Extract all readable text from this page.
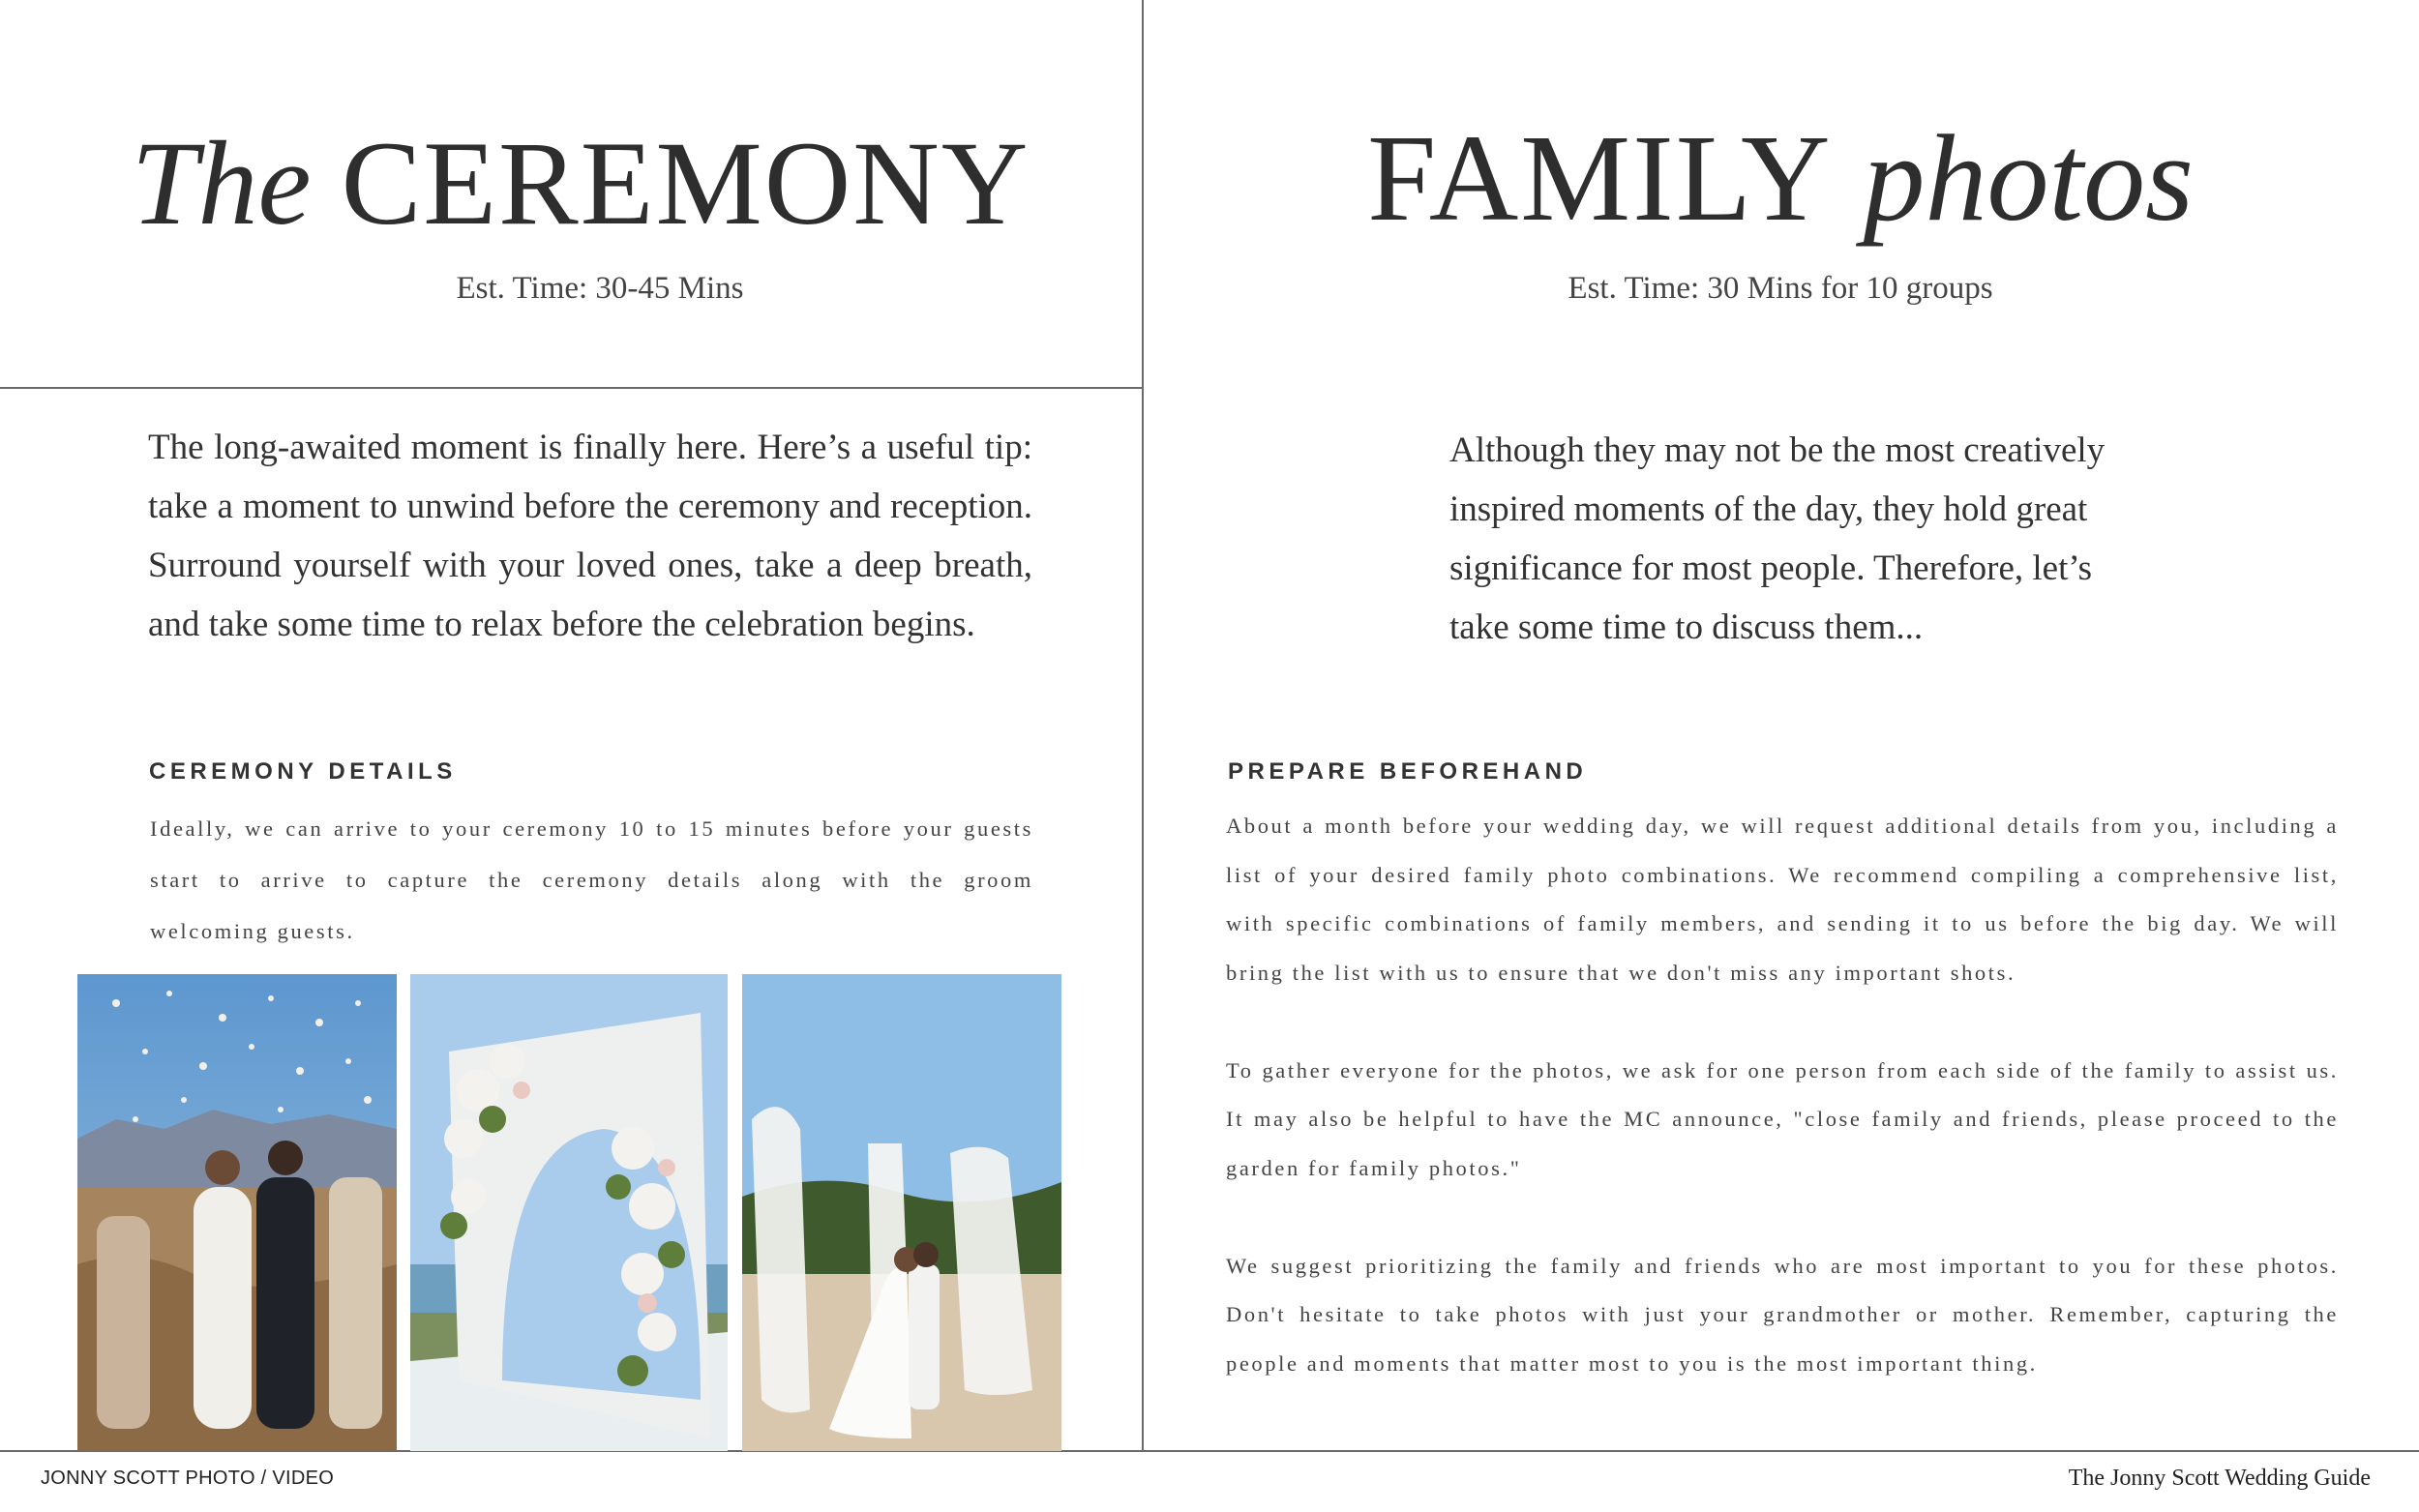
The CEREMONY
Est. Time: 30-45 Mins
The long-awaited moment is finally here. Here’s a useful tip: take a moment to unwind before the ceremony and reception. Surround yourself with your loved ones, take a deep breath, and take some time to relax before the celebration begins.
CEREMONY DETAILS
Ideally, we can arrive to your ceremony 10 to 15 minutes before your guests start to arrive to capture the ceremony details along with the groom welcoming guests.
FAMILY photos
Est. Time: 30 Mins for 10 groups
Although they may not be the most creatively inspired moments of the day, they hold great significance for most people. Therefore, let’s take some time to discuss them...
PREPARE BEFOREHAND

About a month before your wedding day, we will request additional details from you, including a list of your desired family photo combinations. We recommend compiling a comprehensive list, with specific combinations of family members, and sending it to us before the big day. We will bring the list with us to ensure that we don't miss any important shots.

To gather everyone for the photos, we ask for one person from each side of the family to assist us. It may also be helpful to have the MC announce, "close family and friends, please proceed to the garden for family photos."

We suggest prioritizing the family and friends who are most important to you for these photos. Don't hesitate to take photos with just your grandmother or mother. Remember, capturing the people and moments that matter most to you is the most important thing.

JONNY SCOTT PHOTO / VIDEO	The Jonny Scott Wedding Guide
